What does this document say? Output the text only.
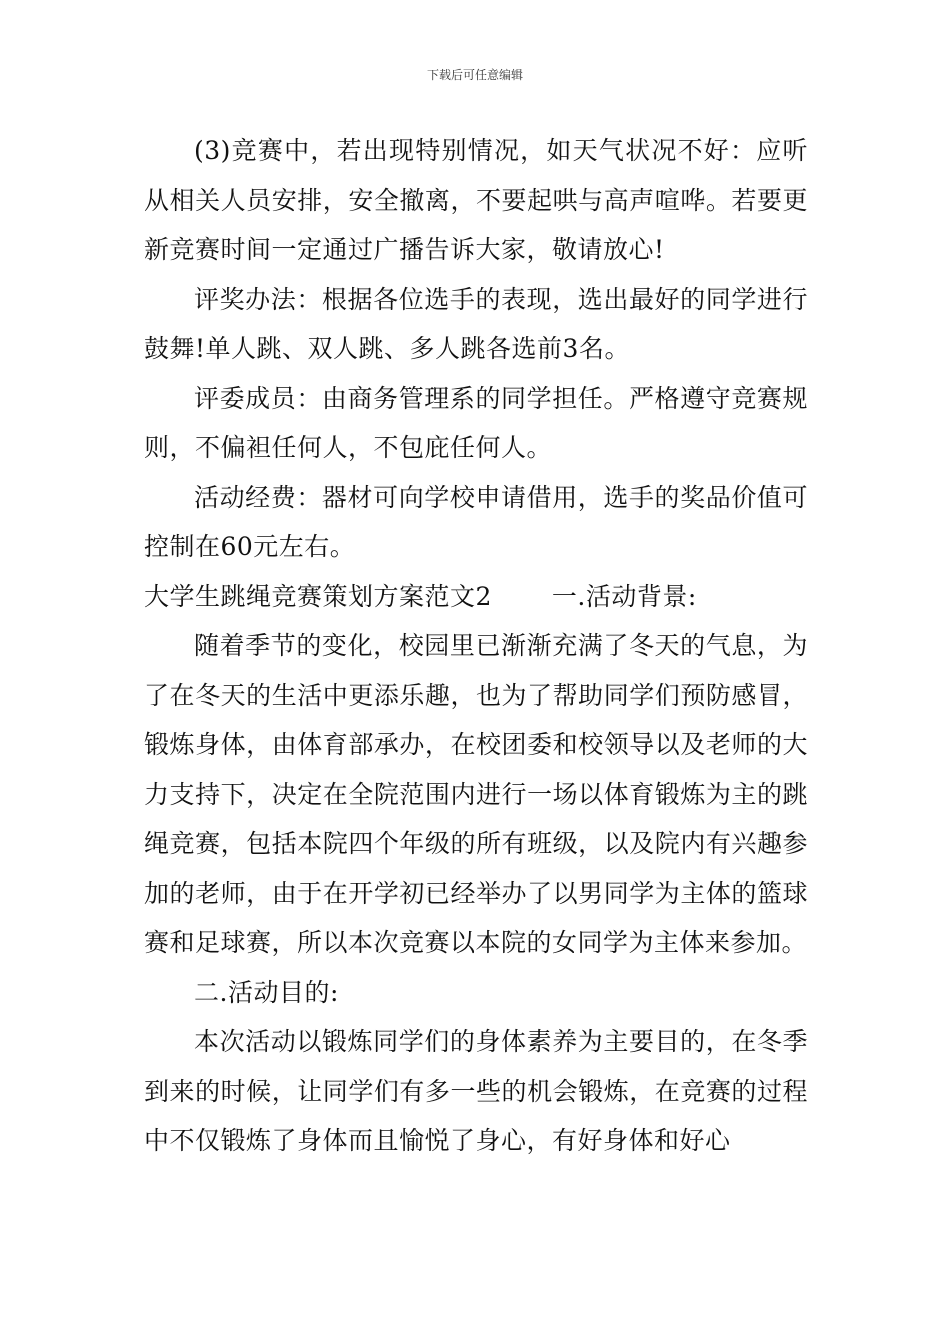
下载后可任意编辑

(3)竞赛中，若出现特别情况，如天气状况不好：应听从相关人员安排，安全撤离，不要起哄与高声喧哗。若要更新竞赛时间一定通过广播告诉大家，敬请放心!

评奖办法：根据各位选手的表现，选出最好的同学进行鼓舞!单人跳、双人跳、多人跳各选前3名。

评委成员：由商务管理系的同学担任。严格遵守竞赛规则，不偏袒任何人，不包庇任何人。

活动经费：器材可向学校申请借用，选手的奖品价值可控制在60元左右。

大学生跳绳竞赛策划方案范文2 一.活动背景:

随着季节的变化，校园里已渐渐充满了冬天的气息，为了在冬天的生活中更添乐趣，也为了帮助同学们预防感冒，锻炼身体，由体育部承办，在校团委和校领导以及老师的大力支持下，决定在全院范围内进行一场以体育锻炼为主的跳绳竞赛，包括本院四个年级的所有班级，以及院内有兴趣参加的老师，由于在开学初已经举办了以男同学为主体的篮球赛和足球赛，所以本次竞赛以本院的女同学为主体来参加。

二.活动目的:

本次活动以锻炼同学们的身体素养为主要目的，在冬季到来的时候，让同学们有多一些的机会锻炼，在竞赛的过程中不仅锻炼了身体而且愉悦了身心，有好身体和好心
